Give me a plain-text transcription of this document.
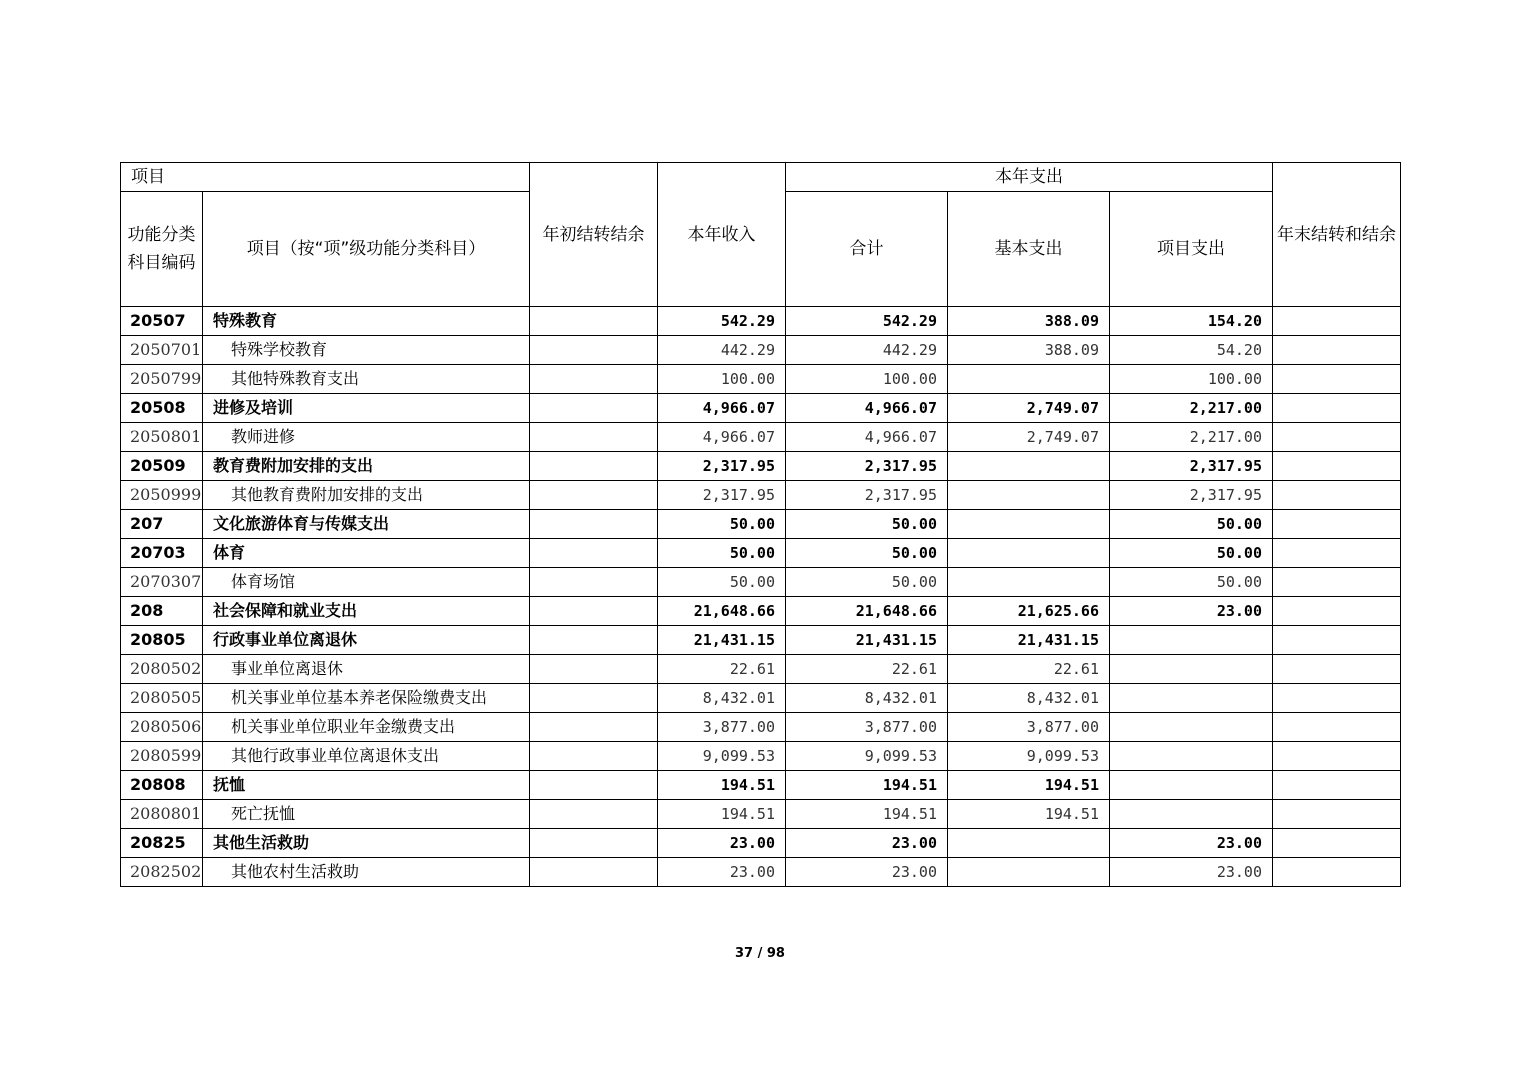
项目		年初结转结余	本年收入	本年支出			年末结转和结余
功能分类科目编码	项目（按“项”级功能分类科目）			合计	基本支出	项目支出	
20507	特殊教育		542.29	542.29	388.09	154.20	
2050701	特殊学校教育		442.29	442.29	388.09	54.20	
2050799	其他特殊教育支出		100.00	100.00		100.00	
20508	进修及培训		4,966.07	4,966.07	2,749.07	2,217.00	
2050801	教师进修		4,966.07	4,966.07	2,749.07	2,217.00	
20509	教育费附加安排的支出		2,317.95	2,317.95		2,317.95	
2050999	其他教育费附加安排的支出		2,317.95	2,317.95		2,317.95	
207	文化旅游体育与传媒支出		50.00	50.00		50.00	
20703	体育		50.00	50.00		50.00	
2070307	体育场馆		50.00	50.00		50.00	
208	社会保障和就业支出		21,648.66	21,648.66	21,625.66	23.00	
20805	行政事业单位离退休		21,431.15	21,431.15	21,431.15		
2080502	事业单位离退休		22.61	22.61	22.61		
2080505	机关事业单位基本养老保险缴费支出		8,432.01	8,432.01	8,432.01		
2080506	机关事业单位职业年金缴费支出		3,877.00	3,877.00	3,877.00		
2080599	其他行政事业单位离退休支出		9,099.53	9,099.53	9,099.53		
20808	抚恤		194.51	194.51	194.51		
2080801	死亡抚恤		194.51	194.51	194.51		
20825	其他生活救助		23.00	23.00		23.00	
2082502	其他农村生活救助		23.00	23.00		23.00	
37 / 98
